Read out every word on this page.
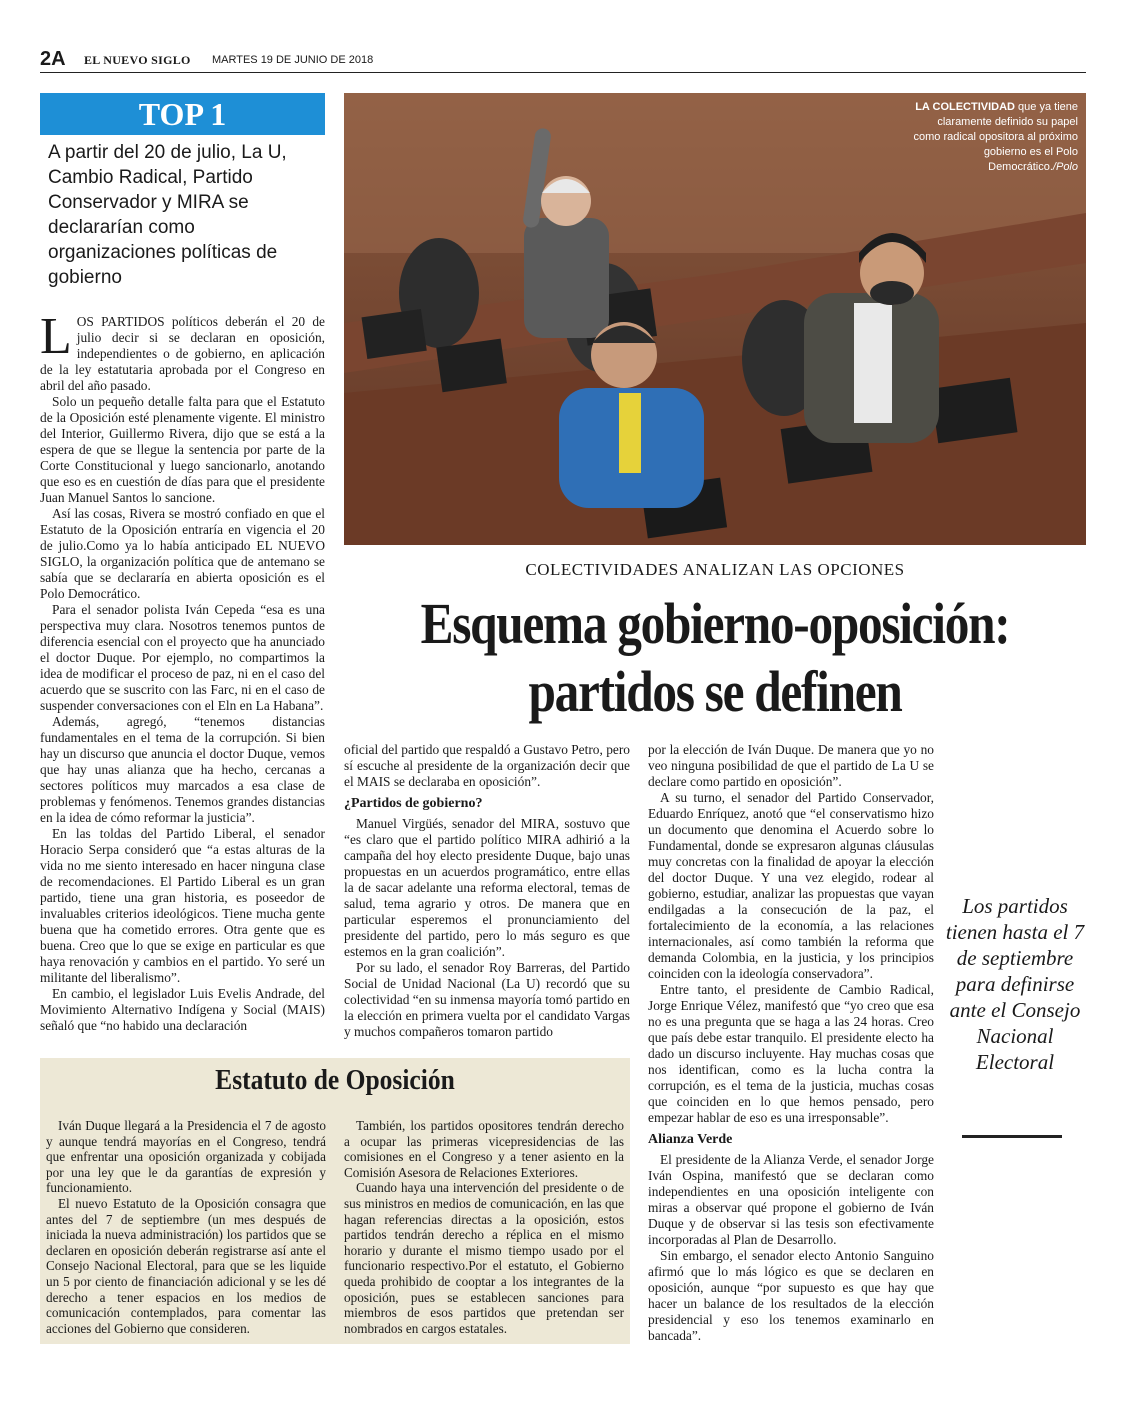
2A EL NUEVO SIGLO MARTES 19 DE JUNIO DE 2018
TOP 1
A partir del 20 de julio, La U, Cambio Radical, Partido Conservador y MIRA se declararían como organizaciones políticas de gobierno

LOS PARTIDOS políticos deberán el 20 de julio decir si se declaran en oposición, independientes o de gobierno, en aplicación de la ley estatutaria aprobada por el Congreso en abril del año pasado.

Solo un pequeño detalle falta para que el Estatuto de la Oposición esté plenamente vigente. El ministro del Interior, Guillermo Rivera, dijo que se está a la espera de que se llegue la sentencia por parte de la Corte Constitucional y luego sancionarlo, anotando que eso es en cuestión de días para que el presidente Juan Manuel Santos lo sancione.

Así las cosas, Rivera se mostró confiado en que el Estatuto de la Oposición entraría en vigencia el 20 de julio.Como ya lo había anticipado EL NUEVO SIGLO, la organización política que de antemano se sabía que se declararía en abierta oposición es el Polo Democrático.

Para el senador polista Iván Cepeda “esa es una perspectiva muy clara. Nosotros tenemos puntos de diferencia esencial con el proyecto que ha anunciado el doctor Duque. Por ejemplo, no compartimos la idea de modificar el proceso de paz, ni en el caso del acuerdo que se suscrito con las Farc, ni en el caso de suspender conversaciones con el Eln en La Habana”.

Además, agregó, “tenemos distancias fundamentales en el tema de la corrupción. Si bien hay un discurso que anuncia el doctor Duque, vemos que hay unas alianza que ha hecho, cercanas a sectores políticos muy marcados a esa clase de problemas y fenómenos. Tenemos grandes distancias en la idea de cómo reformar la justicia”.

En las toldas del Partido Liberal, el senador Horacio Serpa consideró que “a estas alturas de la vida no me siento interesado en hacer ninguna clase de recomendaciones. El Partido Liberal es un gran partido, tiene una gran historia, es poseedor de invaluables criterios ideológicos. Tiene mucha gente buena que ha cometido errores. Otra gente que es buena. Creo que lo que se exige en particular es que haya renovación y cambios en el partido. Yo seré un militante del liberalismo”.

En cambio, el legislador Luis Evelis Andrade, del Movimiento Alternativo Indígena y Social (MAIS) señaló que “no habido una declaración

LA COLECTIVIDAD que ya tiene claramente definido su papel como radical opositora al próximo gobierno es el Polo Democrático./Polo
COLECTIVIDADES ANALIZAN LAS OPCIONES
Esquema gobierno-oposición:
partidos se definen

oficial del partido que respaldó a Gustavo Petro, pero sí escuche al presidente de la organización decir que el MAIS se declaraba en oposición”.

¿Partidos de gobierno?

Manuel Virgüés, senador del MIRA, sostuvo que “es claro que el partido político MIRA adhirió a la campaña del hoy electo presidente Duque, bajo unas propuestas en un acuerdos programático, entre ellas la de sacar adelante una reforma electoral, temas de salud, tema agrario y otros. De manera que en particular esperemos el pronunciamiento del presidente del partido, pero lo más seguro es que estemos en la gran coalición”.

Por su lado, el senador Roy Barreras, del Partido Social de Unidad Nacional (La U) recordó que su colectividad “en su inmensa mayoría tomó partido en la elección en primera vuelta por el candidato Vargas y muchos compañeros tomaron partido

por la elección de Iván Duque. De manera que yo no veo ninguna posibilidad de que el partido de La U se declare como partido en oposición”.

A su turno, el senador del Partido Conservador, Eduardo Enríquez, anotó que “el conservatismo hizo un documento que denomina el Acuerdo sobre lo Fundamental, donde se expresaron algunas cláusulas muy concretas con la finalidad de apoyar la elección del doctor Duque. Y una vez elegido, rodear al gobierno, estudiar, analizar las propuestas que vayan endilgadas a la consecución de la paz, el fortalecimiento de la economía, a las relaciones internacionales, así como también la reforma que demanda Colombia, en la justicia, y los principios coinciden con la ideología conservadora”.

Entre tanto, el presidente de Cambio Radical, Jorge Enrique Vélez, manifestó que “yo creo que esa no es una pregunta que se haga a las 24 horas. Creo que país debe estar tranquilo. El presidente electo ha dado un discurso incluyente. Hay muchas cosas que nos identifican, como es la lucha contra la corrupción, es el tema de la justicia, muchas cosas que coinciden en lo que hemos pensado, pero empezar hablar de eso es una irresponsable”.

Alianza Verde

El presidente de la Alianza Verde, el senador Jorge Iván Ospina, manifestó que se declaran como independientes en una oposición inteligente con miras a observar qué propone el gobierno de Iván Duque y de observar si las tesis son efectivamente incorporadas al Plan de Desarrollo.

Sin embargo, el senador electo Antonio Sanguino afirmó que lo más lógico es que se declaren en oposición, aunque “por supuesto es que hay que hacer un balance de los resultados de la elección presidencial y eso los tenemos examinarlo en bancada”.

Los partidos tienen hasta el 7 de septiembre para definirse ante el Consejo Nacional Electoral
Estatuto de Oposición

Iván Duque llegará a la Presidencia el 7 de agosto y aunque tendrá mayorías en el Congreso, tendrá que enfrentar una oposición organizada y cobijada por una ley que le da garantías de expresión y funcionamiento.

El nuevo Estatuto de la Oposición consagra que antes del 7 de septiembre (un mes después de iniciada la nueva administración) los partidos que se declaren en oposición deberán registrarse así ante el Consejo Nacional Electoral, para que se les liquide un 5 por ciento de financiación adicional y se les dé derecho a tener espacios en los medios de comunicación contemplados, para comentar las acciones del Gobierno que consideren.

También, los partidos opositores tendrán derecho a ocupar las primeras vicepresidencias de las comisiones en el Congreso y a tener asiento en la Comisión Asesora de Relaciones Exteriores.

Cuando haya una intervención del presidente o de sus ministros en medios de comunicación, en las que hagan referencias directas a la oposición, estos partidos tendrán derecho a réplica en el mismo horario y durante el mismo tiempo usado por el funcionario respectivo.Por el estatuto, el Gobierno queda prohibido de cooptar a los integrantes de la oposición, pues se establecen sanciones para miembros de esos partidos que pretendan ser nombrados en cargos estatales.
